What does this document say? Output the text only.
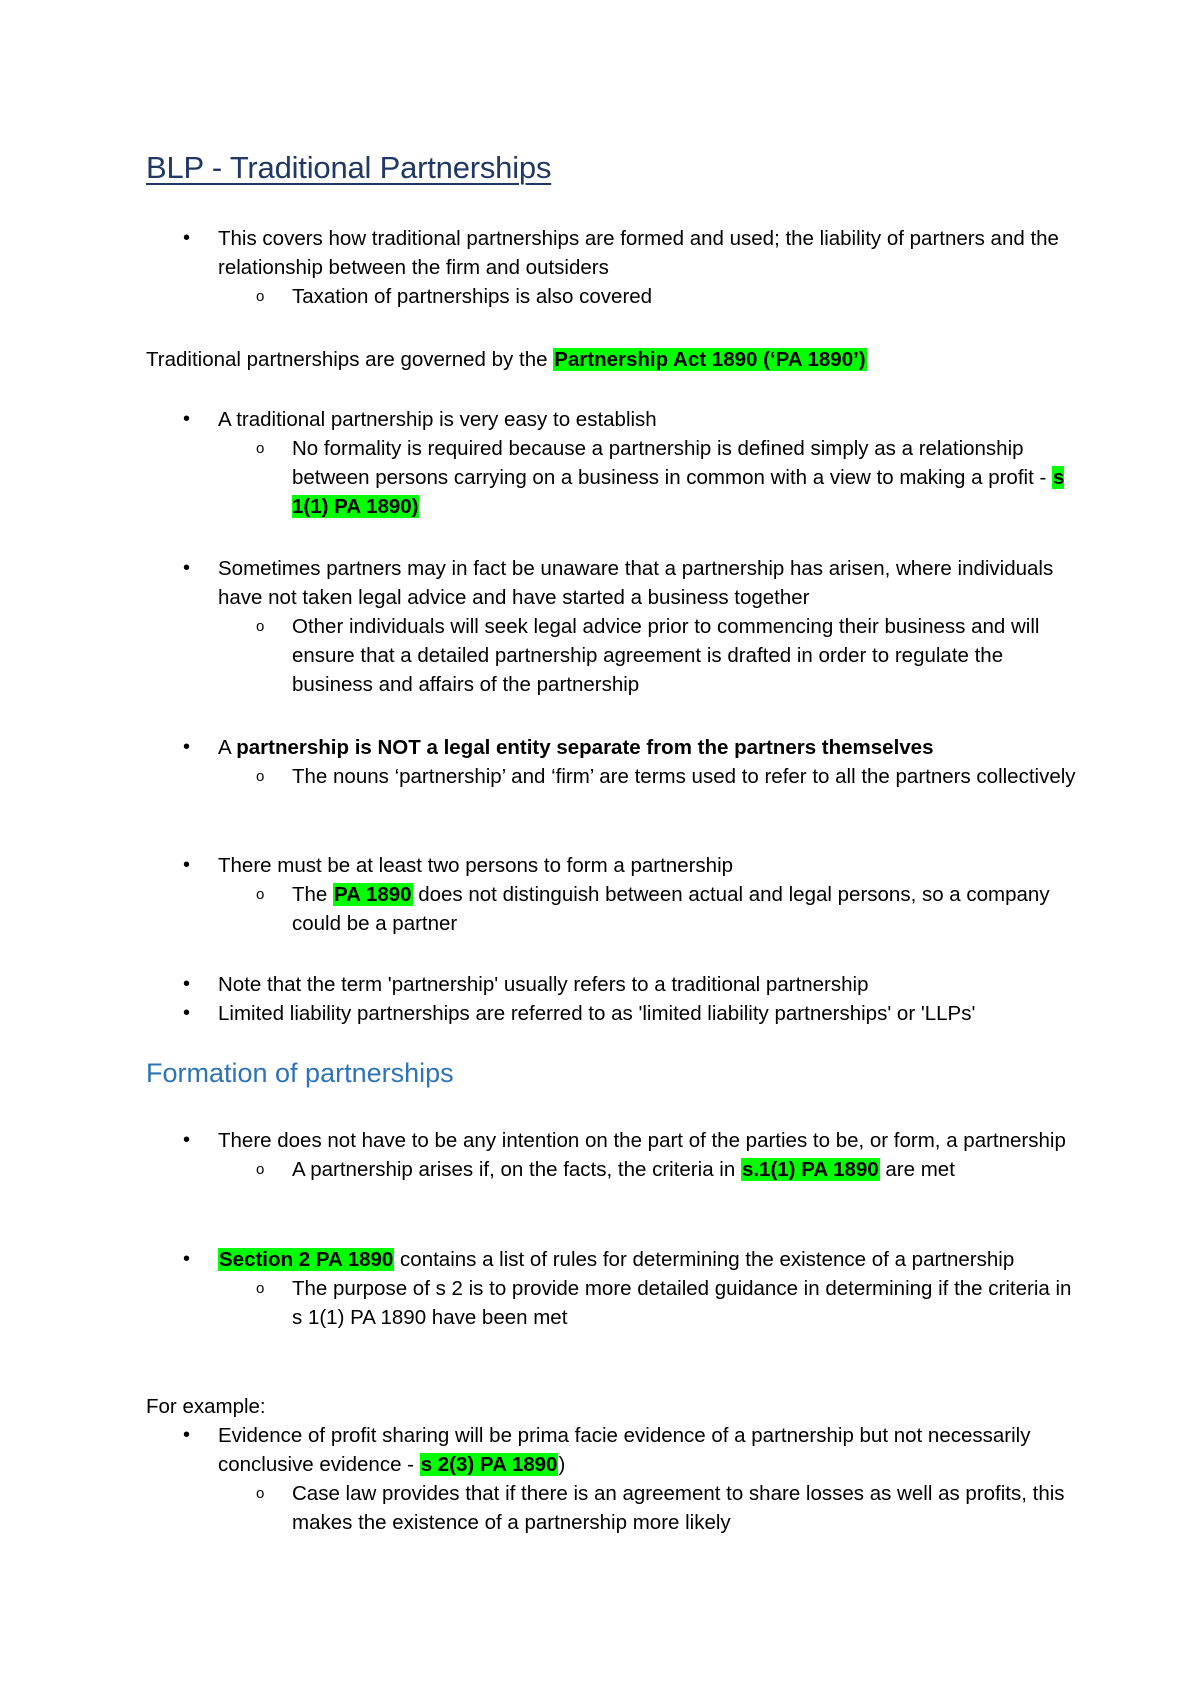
BLP - Traditional Partnerships
• This covers how traditional partnerships are formed and used; the liability of partners and the relationship between the firm and outsiders
o Taxation of partnerships is also covered

Traditional partnerships are governed by the Partnership Act 1890 (‘PA 1890’)

• A traditional partnership is very easy to establish
o No formality is required because a partnership is defined simply as a relationship between persons carrying on a business in common with a view to making a profit - s 1(1) PA 1890)
• Sometimes partners may in fact be unaware that a partnership has arisen, where individuals have not taken legal advice and have started a business together
o Other individuals will seek legal advice prior to commencing their business and will ensure that a detailed partnership agreement is drafted in order to regulate the business and affairs of the partnership
• A partnership is NOT a legal entity separate from the partners themselves
o The nouns ‘partnership’ and ‘firm’ are terms used to refer to all the partners collectively
• There must be at least two persons to form a partnership
o The PA 1890 does not distinguish between actual and legal persons, so a company could be a partner
• Note that the term 'partnership' usually refers to a traditional partnership
• Limited liability partnerships are referred to as 'limited liability partnerships' or 'LLPs'
Formation of partnerships
• There does not have to be any intention on the part of the parties to be, or form, a partnership
o A partnership arises if, on the facts, the criteria in s.1(1) PA 1890 are met
• Section 2 PA 1890 contains a list of rules for determining the existence of a partnership
o The purpose of s 2 is to provide more detailed guidance in determining if the criteria in s 1(1) PA 1890 have been met

For example:

• Evidence of profit sharing will be prima facie evidence of a partnership but not necessarily conclusive evidence - s 2(3) PA 1890)
o Case law provides that if there is an agreement to share losses as well as profits, this makes the existence of a partnership more likely
